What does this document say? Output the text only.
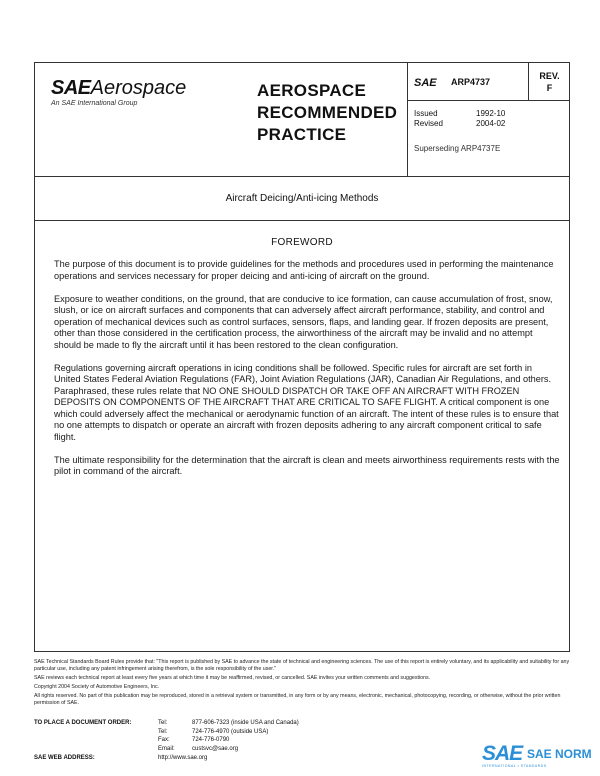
SAEAerospace
An SAE International Group
AEROSPACE
RECOMMENDED
PRACTICE
SAE ARP4737
REV.
F
Issued	1992-10
Revised	2004-02
Superseding ARP4737E
Aircraft Deicing/Anti-icing Methods
FOREWORD

The purpose of this document is to provide guidelines for the methods and procedures used in performing the maintenance operations and services necessary for proper deicing and anti-icing of aircraft on the ground.

Exposure to weather conditions, on the ground, that are conducive to ice formation, can cause accumulation of frost, snow, slush, or ice on aircraft surfaces and components that can adversely affect aircraft performance, stability, and control and operation of mechanical devices such as control surfaces, sensors, flaps, and landing gear. If frozen deposits are present, other than those considered in the certification process, the airworthiness of the aircraft may be invalid and no attempt should be made to fly the aircraft until it has been restored to the clean configuration.

Regulations governing aircraft operations in icing conditions shall be followed. Specific rules for aircraft are set forth in United States Federal Aviation Regulations (FAR), Joint Aviation Regulations (JAR), Canadian Air Regulations, and others. Paraphrased, these rules relate that NO ONE SHOULD DISPATCH OR TAKE OFF AN AIRCRAFT WITH FROZEN DEPOSITS ON COMPONENTS OF THE AIRCRAFT THAT ARE CRITICAL TO SAFE FLIGHT. A critical component is one which could adversely affect the mechanical or aerodynamic function of an aircraft. The intent of these rules is to ensure that no one attempts to dispatch or operate an aircraft with frozen deposits adhering to any aircraft component critical to safe flight.

The ultimate responsibility for the determination that the aircraft is clean and meets airworthiness requirements rests with the pilot in command of the aircraft.

SAE Technical Standards Board Rules provide that: "This report is published by SAE to advance the state of technical and engineering sciences. The use of this report is entirely voluntary, and its applicability and suitability for any particular use, including any patent infringement arising therefrom, is the sole responsibility of the user."

SAE reviews each technical report at least every five years at which time it may be reaffirmed, revised, or cancelled. SAE invites your written comments and suggestions.

Copyright 2004 Society of Automotive Engineers, Inc.

All rights reserved. No part of this publication may be reproduced, stored in a retrieval system or transmitted, in any form or by any means, electronic, mechanical, photocopying, recording, or otherwise, without the prior written permission of SAE.

TO PLACE A DOCUMENT ORDER:	Tel:	877-606-7323 (inside USA and Canada)
Tel:	724-776-4970 (outside USA)
Fax:	724-776-0790
Email:	custsvc@sae.org
SAE WEB ADDRESS:	http://www.sae.org	SAE SAE NORM
INTERNATIONAL • STANDARDS
